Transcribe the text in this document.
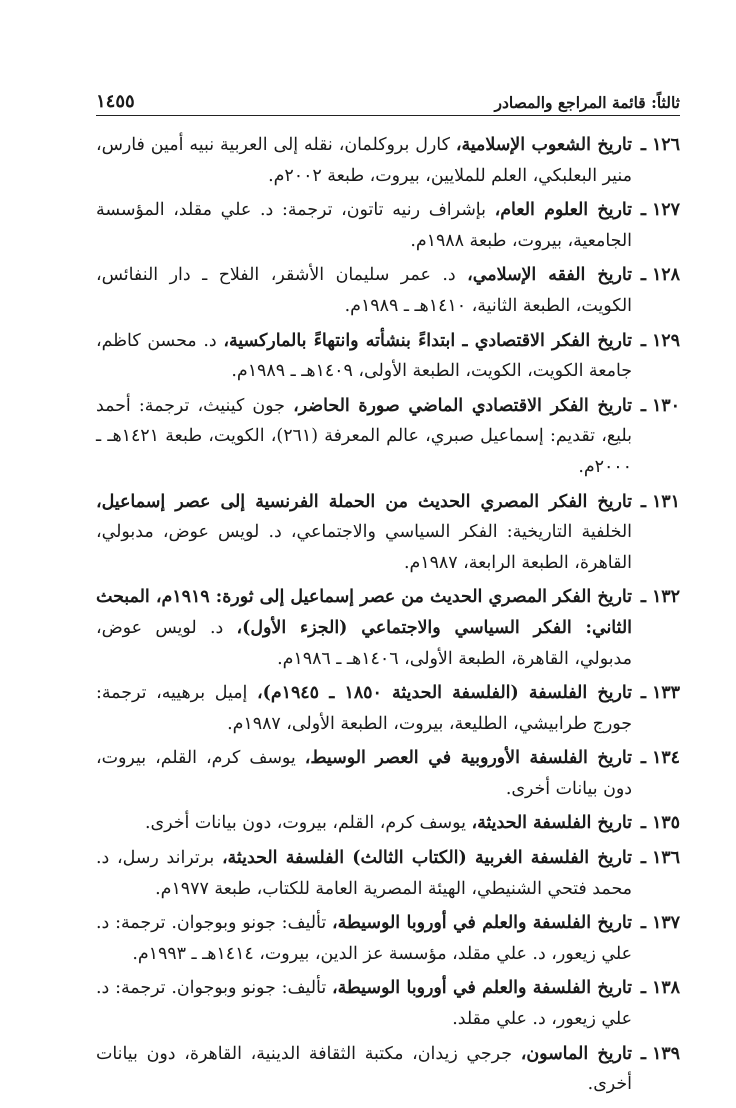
ثالثاً: قائمة المراجع والمصادر
١٤٥٥
١٢٦ ـ
تاريخ الشعوب الإسلامية، كارل بروكلمان، نقله إلى العربية نبيه أمين فارس، منير البعلبكي، العلم للملايين، بيروت، طبعة ٢٠٠٢م.
١٢٧ ـ
تاريخ العلوم العام، بإشراف رنيه تاتون، ترجمة: د. علي مقلد، المؤسسة الجامعية، بيروت، طبعة ١٩٨٨م.
١٢٨ ـ
تاريخ الفقه الإسلامي، د. عمر سليمان الأشقر، الفلاح ـ دار النفائس، الكويت، الطبعة الثانية، ١٤١٠هـ ـ ١٩٨٩م.
١٢٩ ـ
تاريخ الفكر الاقتصادي ـ ابتداءً بنشأته وانتهاءً بالماركسية، د. محسن كاظم، جامعة الكويت، الكويت، الطبعة الأولى، ١٤٠٩هـ ـ ١٩٨٩م.
١٣٠ ـ
تاريخ الفكر الاقتصادي الماضي صورة الحاضر، جون كينيث، ترجمة: أحمد بليع، تقديم: إسماعيل صبري، عالم المعرفة (٢٦١)، الكويت، طبعة ١٤٢١هـ ـ ٢٠٠٠م.
١٣١ ـ
تاريخ الفكر المصري الحديث من الحملة الفرنسية إلى عصر إسماعيل، الخلفية التاريخية: الفكر السياسي والاجتماعي، د. لويس عوض، مدبولي، القاهرة، الطبعة الرابعة، ١٩٨٧م.
١٣٢ ـ
تاريخ الفكر المصري الحديث من عصر إسماعيل إلى ثورة: ١٩١٩م، المبحث الثاني: الفكر السياسي والاجتماعي (الجزء الأول)، د. لويس عوض، مدبولي، القاهرة، الطبعة الأولى، ١٤٠٦هـ ـ ١٩٨٦م.
١٣٣ ـ
تاريخ الفلسفة (الفلسفة الحديثة ١٨٥٠ ـ ١٩٤٥م)، إميل برهييه، ترجمة: جورج طرابيشي، الطليعة، بيروت، الطبعة الأولى، ١٩٨٧م.
١٣٤ ـ
تاريخ الفلسفة الأوروبية في العصر الوسيط، يوسف كرم، القلم، بيروت، دون بيانات أخرى.
١٣٥ ـ
تاريخ الفلسفة الحديثة، يوسف كرم، القلم، بيروت، دون بيانات أخرى.
١٣٦ ـ
تاريخ الفلسفة الغربية (الكتاب الثالث) الفلسفة الحديثة، برتراند رسل، د. محمد فتحي الشنيطي، الهيئة المصرية العامة للكتاب، طبعة ١٩٧٧م.
١٣٧ ـ
تاريخ الفلسفة والعلم في أوروبا الوسيطة، تأليف: جونو وبوجوان. ترجمة: د. علي زيعور، د. علي مقلد، مؤسسة عز الدين، بيروت، ١٤١٤هـ ـ ١٩٩٣م.
١٣٨ ـ
تاريخ الفلسفة والعلم في أوروبا الوسيطة، تأليف: جونو وبوجوان. ترجمة: د. علي زيعور، د. علي مقلد.
١٣٩ ـ
تاريخ الماسون، جرجي زيدان، مكتبة الثقافة الدينية، القاهرة، دون بيانات أخرى.
